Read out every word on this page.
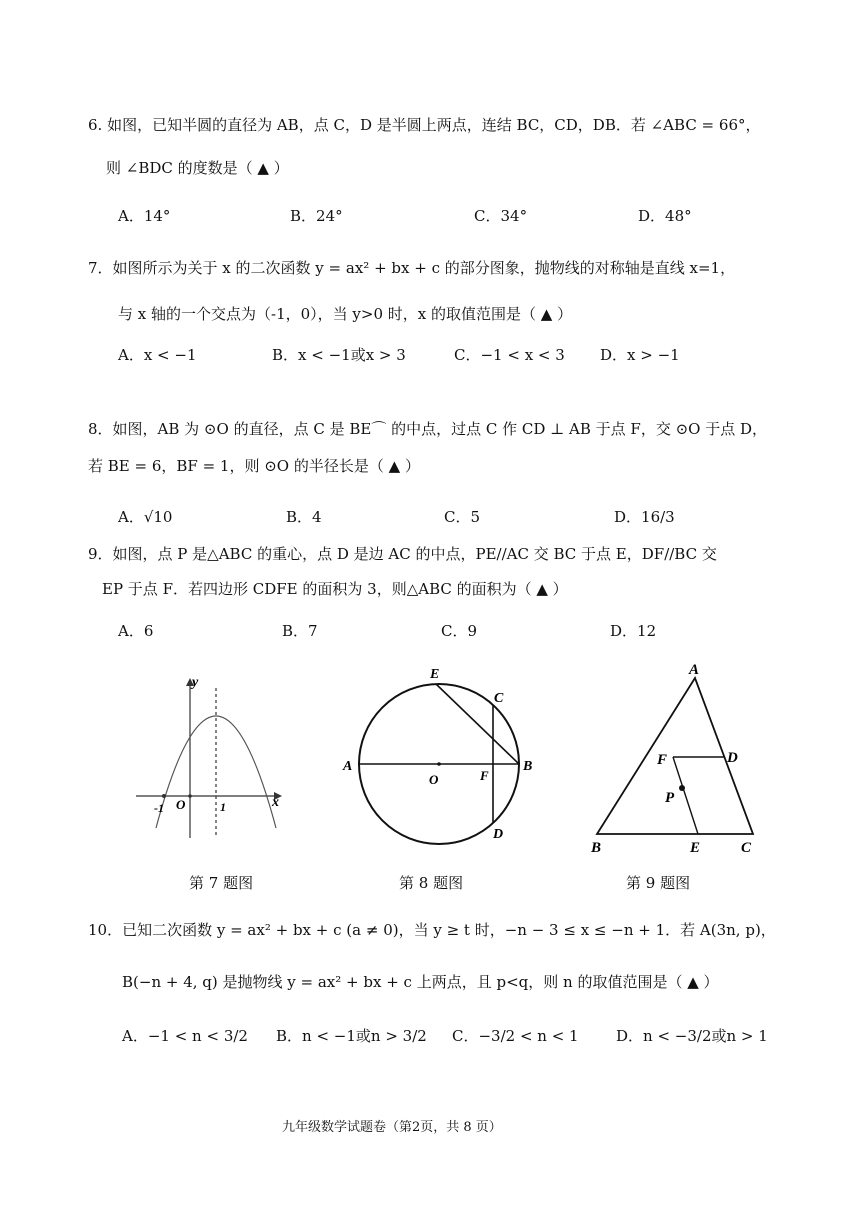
6. 如图，已知半圆的直径为 AB，点 C，D 是半圆上两点，连结 BC，CD，DB．若 ∠ABC = 66°，
则 ∠BDC 的度数是（ ▲ ）
A．14°	B．24°	C．34°	D．48°
7．如图所示为关于 x 的二次函数 y = ax² + bx + c 的部分图象，抛物线的对称轴是直线 x=1，
与 x 轴的一个交点为（-1，0），当 y>0 时，x 的取值范围是（ ▲ ）
A．x < −1	B．x < −1或x > 3	C．−1 < x < 3 D．x > −1
8．如图，AB 为 ⊙O 的直径，点 C 是 BE⌒ 的中点，过点 C 作 CD ⊥ AB 于点 F，交 ⊙O 于点 D，
若 BE = 6，BF = 1，则 ⊙O 的半径长是（ ▲ ）
A．√10	B．4	C．5	D．16/3
9．如图，点 P 是△ABC 的重心，点 D 是边 AC 的中点，PE//AC 交 BC 于点 E，DF//BC 交
EP 于点 F．若四边形 CDFE 的面积为 3，则△ABC 的面积为（ ▲ ）
A．6	B．7	C．9	D．12
y
x
-1 O	1
第 7 题图
E
C
A
O	F
B
D
第 8 题图
A
F	D
P
B	E	C
第 9 题图
10．已知二次函数 y = ax² + bx + c (a ≠ 0)，当 y ≥ t 时，−n − 3 ≤ x ≤ −n + 1．若 A(3n, p)，
B(−n + 4, q) 是抛物线 y = ax² + bx + c 上两点，且 p<q，则 n 的取值范围是（ ▲ ）
A．−1 < n < 3/2 B．n < −1或n > 3/2 C．−3/2 < n < 1 D．n < −3/2或n > 1
九年级数学试题卷（第2页，共 8 页）
